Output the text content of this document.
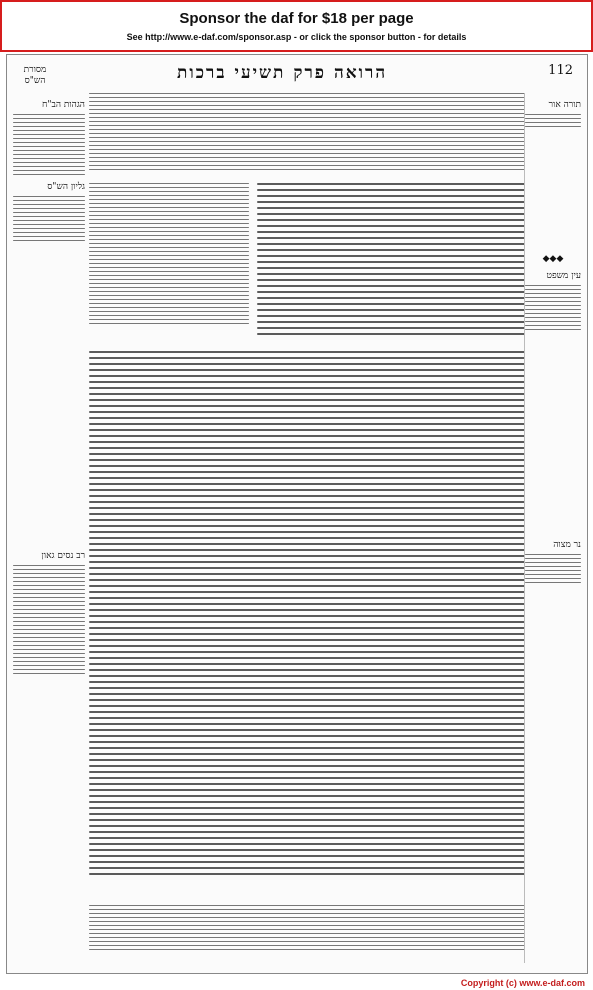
Sponsor the daf for $18 per page
See http://www.e-daf.com/sponsor.asp - or click the sponsor button - for details
מסורת הש"ס	הרואה פרק תשיעי ברכות	112
הגהות הב"ח
גליון הש"ס
רב נסים גאון
תורה אור
◆◆◆
עין משפט
נר מצוה
Copyright (c) www.e-daf.com
